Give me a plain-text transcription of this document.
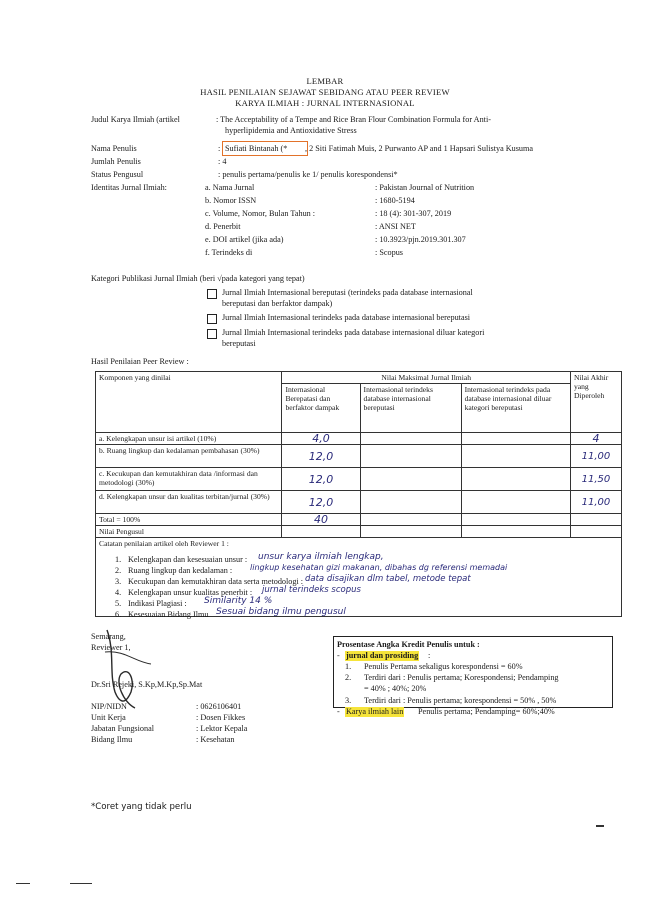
LEMBAR
HASIL PENILAIAN SEJAWAT SEBIDANG ATAU PEER REVIEW
KARYA ILMIAH : JURNAL INTERNASIONAL
Judul Karya Ilmiah (artikel	: The Acceptability of a Tempe and Rice Bran Flour Combination Formula for Anti-
hyperlipidemia and Antioxidative Stress
Nama Penulis	: Sufiati Bintanah (* , 2 Siti Fatimah Muis, 2 Purwanto AP and 1 Hapsari Sulistya Kusuma
Jumlah Penulis	: 4
Status Pengusul	: penulis pertama/penulis ke 1/ penulis korespondensi*
Identitas Jurnal Ilmiah:	a. Nama Jurnal	: Pakistan Journal of Nutrition
b. Nomor ISSN	: 1680-5194
c. Volume, Nomor, Bulan Tahun :	: 18 (4): 301-307, 2019
d. Penerbit	: ANSI NET
e. DOI artikel (jika ada)	: 10.3923/pjn.2019.301.307
f. Terindeks di	: Scopus
Kategori Publikasi Jurnal Ilmiah (beri √pada kategori yang tepat)
Jurnal Ilmiah Internasional bereputasi (terindeks pada database internasional
bereputasi dan berfaktor dampak)
Jurnal Ilmiah Internasional terindeks pada database internasional bereputasi
Jurnal Ilmiah Internasional terindeks pada database internasional diluar kategori
bereputasi
Hasil Penilaian Peer Review :
Komponen yang dinilai	Nilai Maksimal Jurnal Ilmiah			Nilai Akhir yang Diperoleh
	Internasional Berepatasi dan berfaktor dampak	Internasional terindeks database internasional bereputasi	Internasional terindeks pada database internasional diluar kategori bereputasi	
a. Kelengkapan unsur isi artikel (10%)	4,0			4
b. Ruang lingkup dan kedalaman pembahasan (30%)	12,0			11,00
c. Kecukupan dan kemutakhiran data /informasi dan metodologi (30%)	12,0			11,50
d. Kelengkapan unsur dan kualitas terbitan/jurnal (30%)	12,0			11,00
Total = 100%	40			
Nilai Pengusul				

Catatan penilaian artikel oleh Reviewer 1 :				
1. Kelengkapan dan kesesuaian unsur : unsur karya ilmiah lengkap,
2. Ruang lingkup dan kedalaman : lingkup kesehatan gizi makanan, dibahas dg referensi memadai
3. Kecukupan dan kemutakhiran data serta metodologi : data disajikan dlm tabel, metode tepat
4. Kelengkapan unsur kualitas penerbit : jurnal terindeks scopus
5. Indikasi Plagiasi : Similarity 14 %
6. Kesesuaian Bidang Ilmu Sesuai bidang ilmu pengusul
Semarang,
Reviewer 1,
Dr.Sri Rejeki, S.Kp,M.Kp,Sp.Mat
NIP/NIDN	: 0626106401
Unit Kerja	: Dosen Fikkes
Jabatan Fungsional	: Lektor Kepala
Bidang Ilmu	: Kesehatan
Prosentase Angka Kredit Penulis untuk :
- jurnal dan prosiding :
1. Penulis Pertama sekaligus korespondensi = 60%
2. Terdiri dari : Penulis pertama; Korespondensi; Pendamping
= 40% ; 40%; 20%
3. Terdiri dari : Penulis pertama; korespondensi = 50% , 50%
- Karya ilmiah lain Penulis pertama; Pendamping= 60%;40%
*Coret yang tidak perlu
